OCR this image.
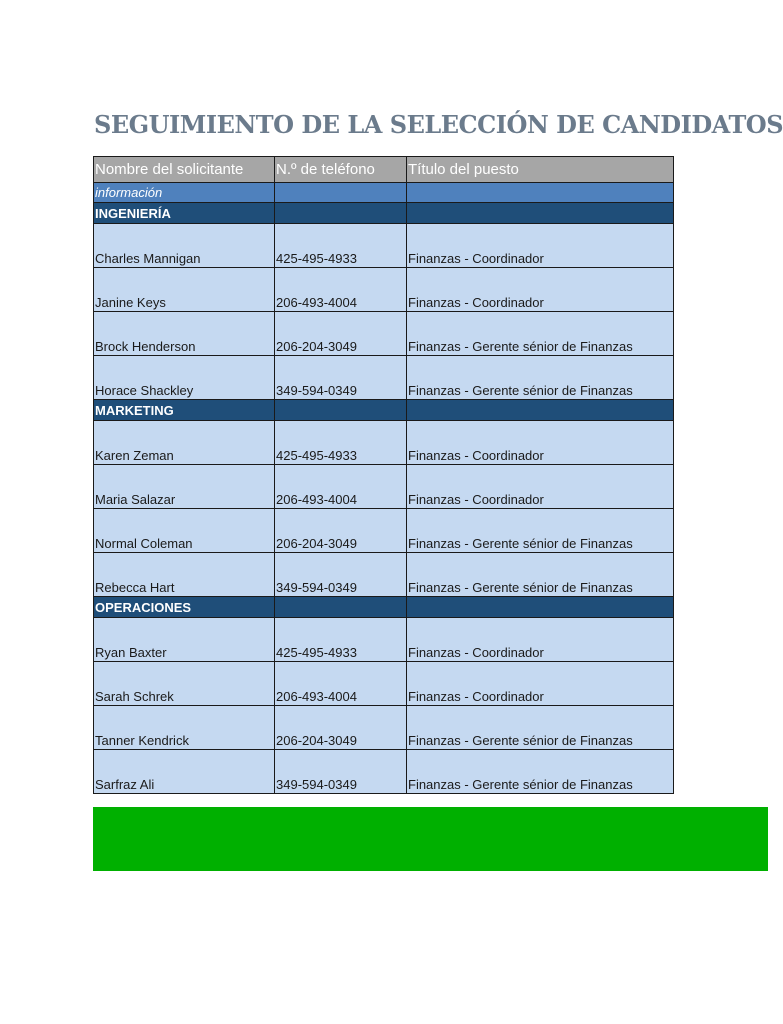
SEGUIMIENTO DE LA SELECCIÓN DE CANDIDATOS
Nombre del solicitante	N.º de teléfono	Título del puesto
información		
INGENIERÍA		
Charles Mannigan	425-495-4933	Finanzas - Coordinador
Janine Keys	206-493-4004	Finanzas - Coordinador
Brock Henderson	206-204-3049	Finanzas - Gerente sénior de Finanzas
Horace Shackley	349-594-0349	Finanzas - Gerente sénior de Finanzas
MARKETING		
Karen Zeman	425-495-4933	Finanzas - Coordinador
Maria Salazar	206-493-4004	Finanzas - Coordinador
Normal Coleman	206-204-3049	Finanzas - Gerente sénior de Finanzas
Rebecca Hart	349-594-0349	Finanzas - Gerente sénior de Finanzas
OPERACIONES		
Ryan Baxter	425-495-4933	Finanzas - Coordinador
Sarah Schrek	206-493-4004	Finanzas - Coordinador
Tanner Kendrick	206-204-3049	Finanzas - Gerente sénior de Finanzas
Sarfraz Ali	349-594-0349	Finanzas - Gerente sénior de Finanzas
